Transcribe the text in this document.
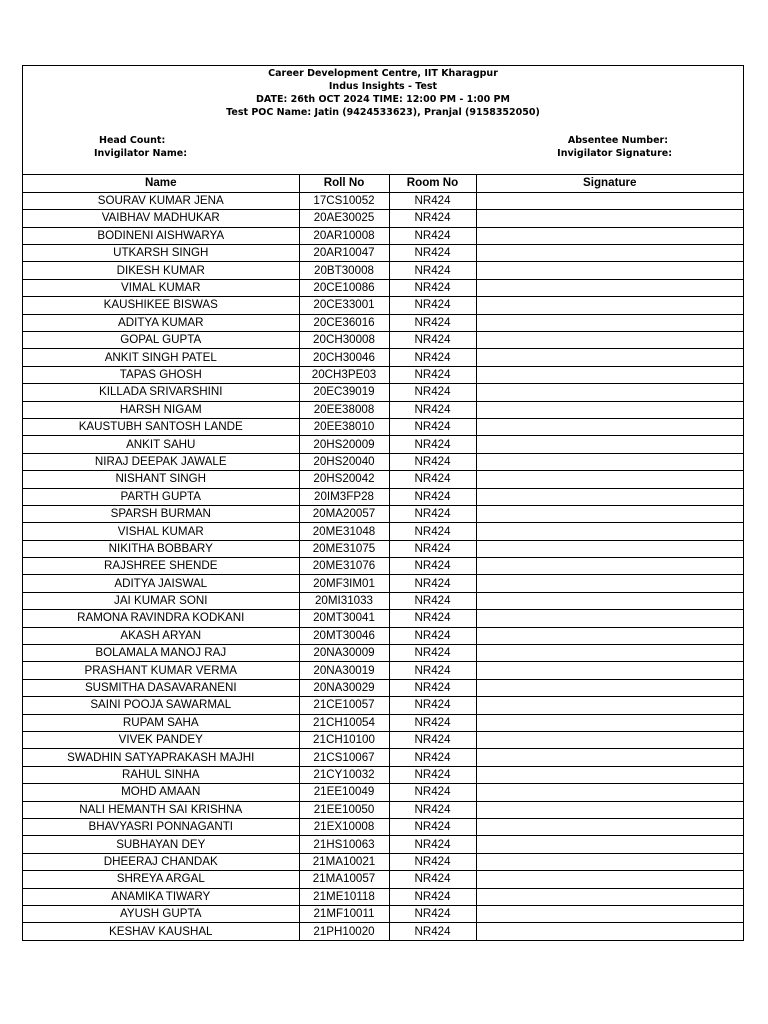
Career Development Centre, IIT Kharagpur
Indus Insights - Test
DATE: 26th OCT 2024 TIME: 12:00 PM - 1:00 PM
Test POC Name: Jatin (9424533623), Pranjal (9158352050)
Head Count:
Invigilator Name:
Absentee Number:
Invigilator Signature:
Name	Roll No	Room No	Signature
SOURAV KUMAR JENA	17CS10052	NR424	
VAIBHAV MADHUKAR	20AE30025	NR424	
BODINENI AISHWARYA	20AR10008	NR424	
UTKARSH SINGH	20AR10047	NR424	
DIKESH KUMAR	20BT30008	NR424	
VIMAL KUMAR	20CE10086	NR424	
KAUSHIKEE BISWAS	20CE33001	NR424	
ADITYA KUMAR	20CE36016	NR424	
GOPAL GUPTA	20CH30008	NR424	
ANKIT SINGH PATEL	20CH30046	NR424	
TAPAS GHOSH	20CH3PE03	NR424	
KILLADA SRIVARSHINI	20EC39019	NR424	
HARSH NIGAM	20EE38008	NR424	
KAUSTUBH SANTOSH LANDE	20EE38010	NR424	
ANKIT SAHU	20HS20009	NR424	
NIRAJ DEEPAK JAWALE	20HS20040	NR424	
NISHANT SINGH	20HS20042	NR424	
PARTH GUPTA	20IM3FP28	NR424	
SPARSH BURMAN	20MA20057	NR424	
VISHAL KUMAR	20ME31048	NR424	
NIKITHA BOBBARY	20ME31075	NR424	
RAJSHREE SHENDE	20ME31076	NR424	
ADITYA JAISWAL	20MF3IM01	NR424	
JAI KUMAR SONI	20MI31033	NR424	
RAMONA RAVINDRA KODKANI	20MT30041	NR424	
AKASH ARYAN	20MT30046	NR424	
BOLAMALA MANOJ RAJ	20NA30009	NR424	
PRASHANT KUMAR VERMA	20NA30019	NR424	
SUSMITHA DASAVARANENI	20NA30029	NR424	
SAINI POOJA SAWARMAL	21CE10057	NR424	
RUPAM SAHA	21CH10054	NR424	
VIVEK PANDEY	21CH10100	NR424	
SWADHIN SATYAPRAKASH MAJHI	21CS10067	NR424	
RAHUL SINHA	21CY10032	NR424	
MOHD AMAAN	21EE10049	NR424	
NALI HEMANTH SAI KRISHNA	21EE10050	NR424	
BHAVYASRI PONNAGANTI	21EX10008	NR424	
SUBHAYAN DEY	21HS10063	NR424	
DHEERAJ CHANDAK	21MA10021	NR424	
SHREYA ARGAL	21MA10057	NR424	
ANAMIKA TIWARY	21ME10118	NR424	
AYUSH GUPTA	21MF10011	NR424	
KESHAV KAUSHAL	21PH10020	NR424	
